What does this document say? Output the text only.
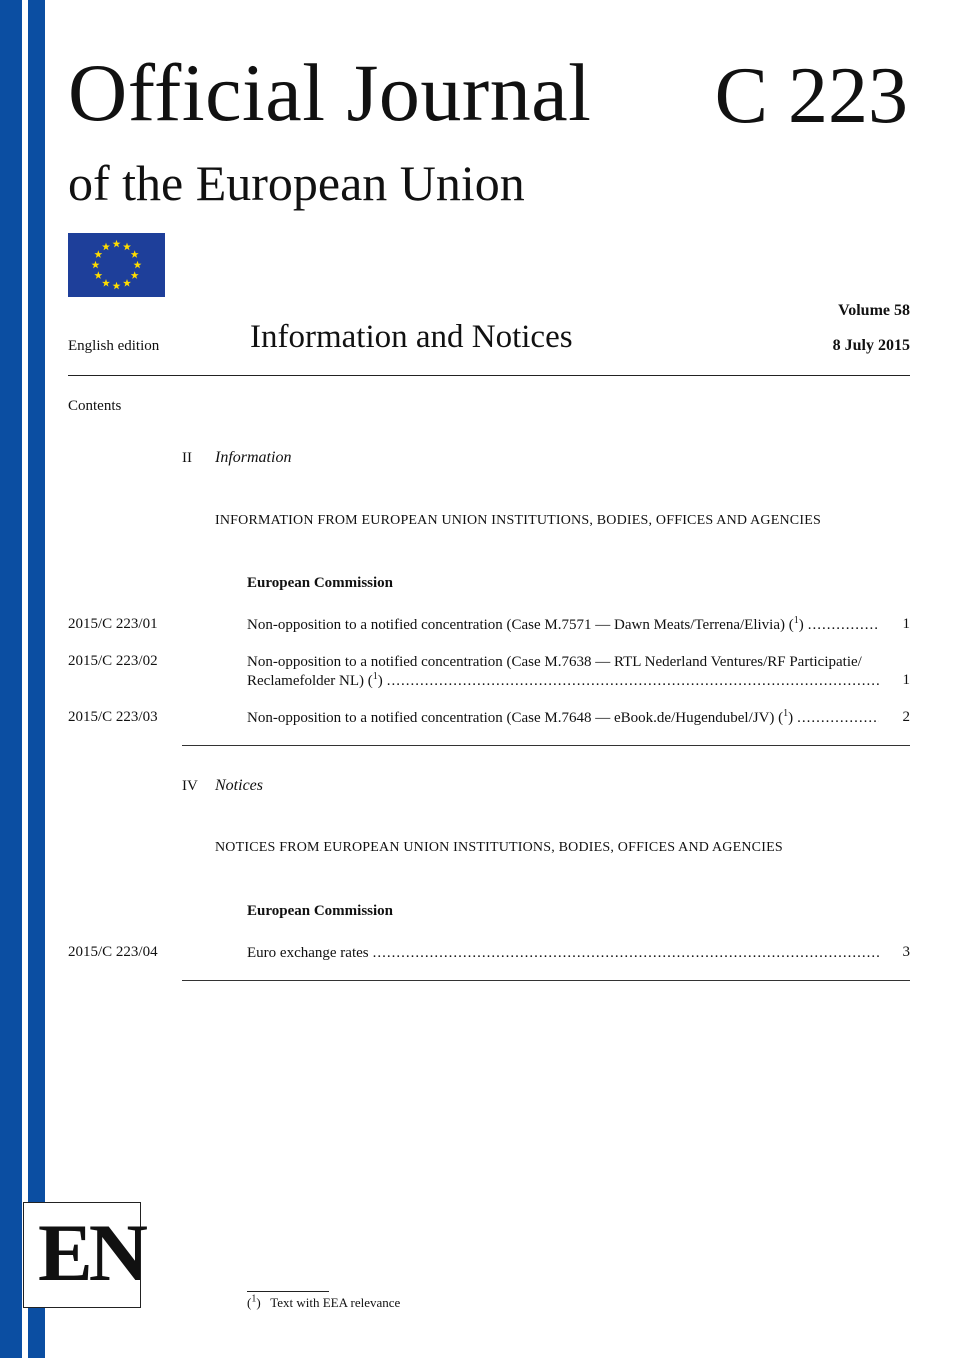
Official Journal C 223
of the European Union
Volume 58
English edition	Information and Notices	8 July 2015
Contents
II Information
INFORMATION FROM EUROPEAN UNION INSTITUTIONS, BODIES, OFFICES AND AGENCIES
European Commission
2015/C 223/01	Non-opposition to a notified concentration (Case M.7571 — Dawn Meats/Terrena/Elivia) ($^1$) .....	1
2015/C 223/02	Non-opposition to a notified concentration (Case M.7638 — RTL Nederland Ventures/RF Participatie/
Reclamefolder NL) ($^1$) .....	1
2015/C 223/03	Non-opposition to a notified concentration (Case M.7648 — eBook.de/Hugendubel/JV) ($^1$) .....	2
IV Notices
NOTICES FROM EUROPEAN UNION INSTITUTIONS, BODIES, OFFICES AND AGENCIES
European Commission
2015/C 223/04	Euro exchange rates .....	3
EN
($^1$)   Text with EEA relevance
